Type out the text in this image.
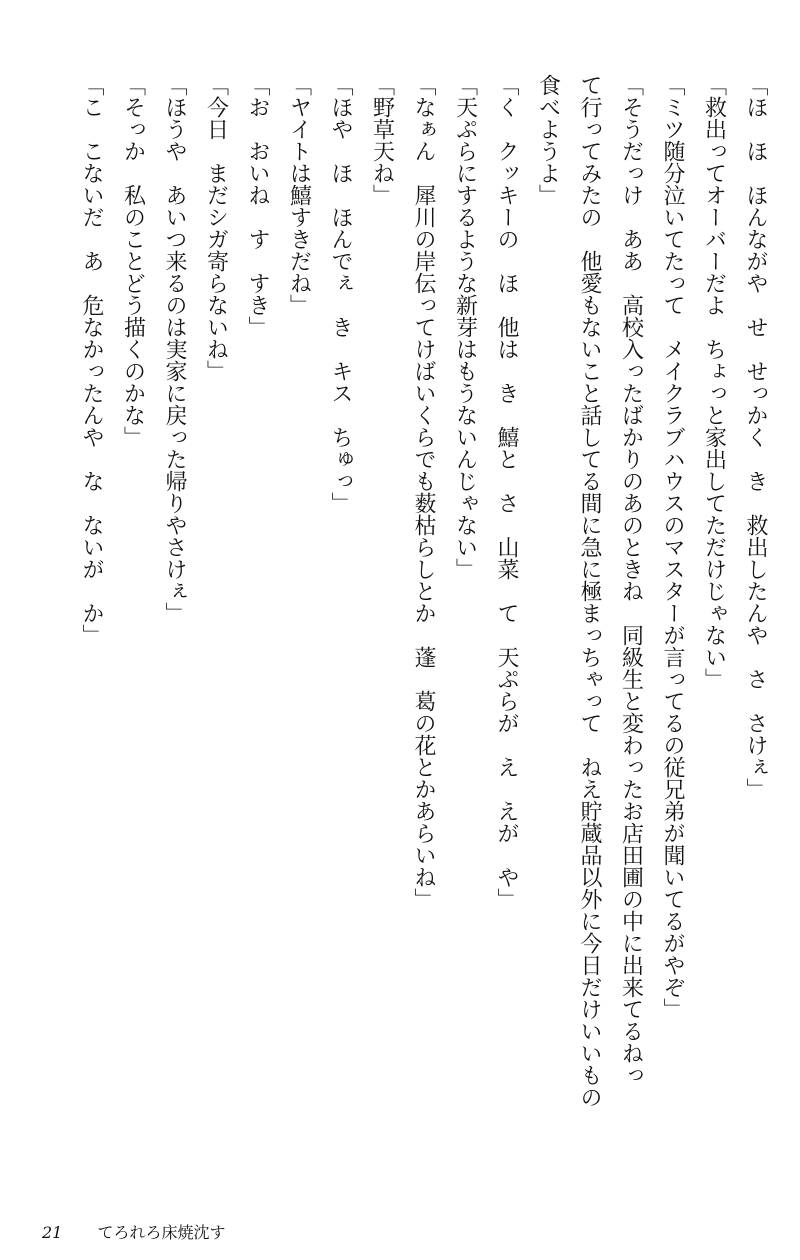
「ほ　ほ　ほんながや　せ　せっかく　き　救出したんや　さ　さけぇ」
「救出ってオーバーだよ　ちょっと家出してただけじゃない」
「ミツ随分泣いてたって　メイクラブハウスのマスターが言ってるの従兄弟が聞いてるがやぞ」
「そうだっけ　ああ　高校入ったばかりのあのときね　同級生と変わったお店田圃の中に出来てるねっ
て行ってみたの　他愛もないこと話してる間に急に極まっちゃって　ねえ貯蔵品以外に今日だけいいもの
食べようよ」
「く　クッキーの　ほ　他は　き　鱚と　さ　山菜　て　天ぷらが　え　えが　や」
「天ぷらにするような新芽はもうないんじゃない」
「なぁん　犀川の岸伝ってけばいくらでも薮枯らしとか　蓬　葛の花とかあらいね」
「野草天ね」
「ほや　ほ　ほんでぇ　き　キス　ちゅっ」
「ヤイトは鱚すきだね」
「お　おいね　す　すき」
「今日　まだシガ寄らないね」
「ほうや　あいつ来るのは実家に戻った帰りやさけぇ」
「そっか　私のことどう描くのかな」
「こ　こないだ　あ　危なかったんや　な　ないが　か」
21 てろれろ床焼沈す
